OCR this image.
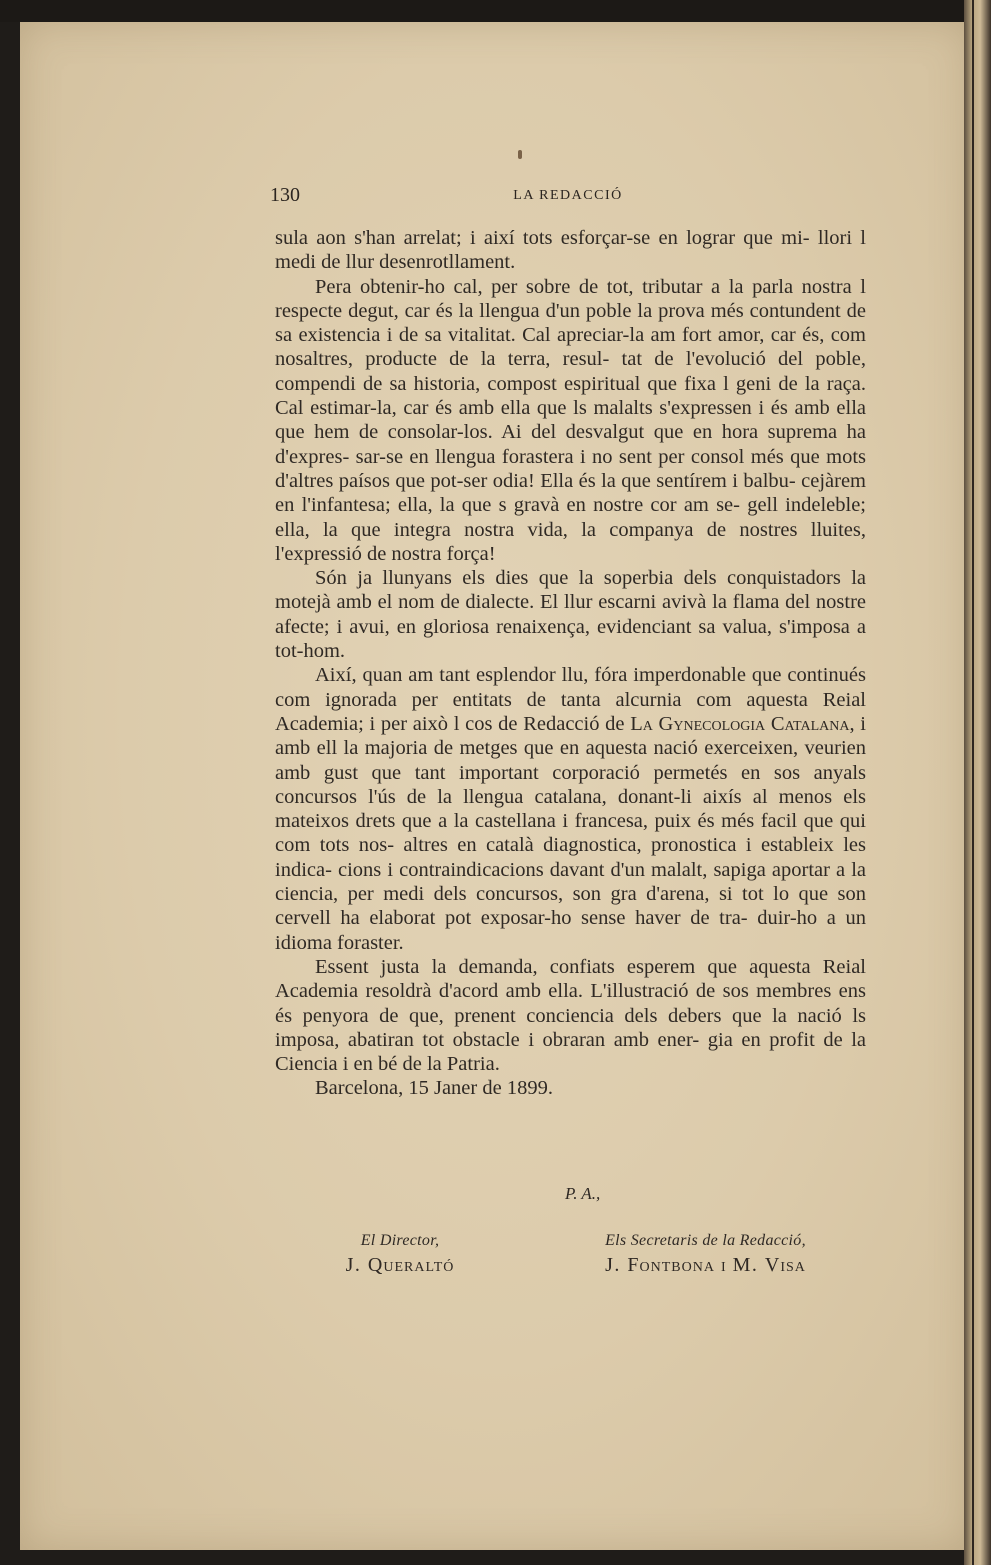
130	LA REDACCIÓ

sula aon s'han arrelat; i així tots esforçar-se en lograr que mi- llori l medi de llur desenrotllament.

Pera obtenir-ho cal, per sobre de tot, tributar a la parla nostra l respecte degut, car és la llengua d'un poble la prova més contundent de sa existencia i de sa vitalitat. Cal apreciar-la am fort amor, car és, com nosaltres, producte de la terra, resul- tat de l'evolució del poble, compendi de sa historia, compost espiritual que fixa l geni de la raça. Cal estimar-la, car és amb ella que ls malalts s'expressen i és amb ella que hem de consolar-los. Ai del desvalgut que en hora suprema ha d'expres- sar-se en llengua forastera i no sent per consol més que mots d'altres paísos que pot-ser odia! Ella és la que sentírem i balbu- cejàrem en l'infantesa; ella, la que s gravà en nostre cor am se- gell indeleble; ella, la que integra nostra vida, la companya de nostres lluites, l'expressió de nostra força!

Són ja llunyans els dies que la soperbia dels conquistadors la motejà amb el nom de dialecte. El llur escarni avivà la flama del nostre afecte; i avui, en gloriosa renaixença, evidenciant sa valua, s'imposa a tot-hom.

Així, quan am tant esplendor llu, fóra imperdonable que continués com ignorada per entitats de tanta alcurnia com aquesta Reial Academia; i per això l cos de Redacció de La Gynecologia Catalana, i amb ell la majoria de metges que en aquesta nació exerceixen, veurien amb gust que tant important corporació permetés en sos anyals concursos l'ús de la llengua catalana, donant-li aixís al menos els mateixos drets que a la castellana i francesa, puix és més facil que qui com tots nos- altres en català diagnostica, pronostica i estableix les indica- cions i contraindicacions davant d'un malalt, sapiga aportar a la ciencia, per medi dels concursos, son gra d'arena, si tot lo que son cervell ha elaborat pot exposar-ho sense haver de tra- duir-ho a un idioma foraster.

Essent justa la demanda, confiats esperem que aquesta Reial Academia resoldrà d'acord amb ella. L'illustració de sos membres ens és penyora de que, prenent conciencia dels debers que la nació ls imposa, abatiran tot obstacle i obraran amb ener- gia en profit de la Ciencia i en bé de la Patria.

Barcelona, 15 Janer de 1899.

P. A.,
El Director,
J. Queraltó
Els Secretaris de la Redacció,
J. Fontbona i M. Visa
